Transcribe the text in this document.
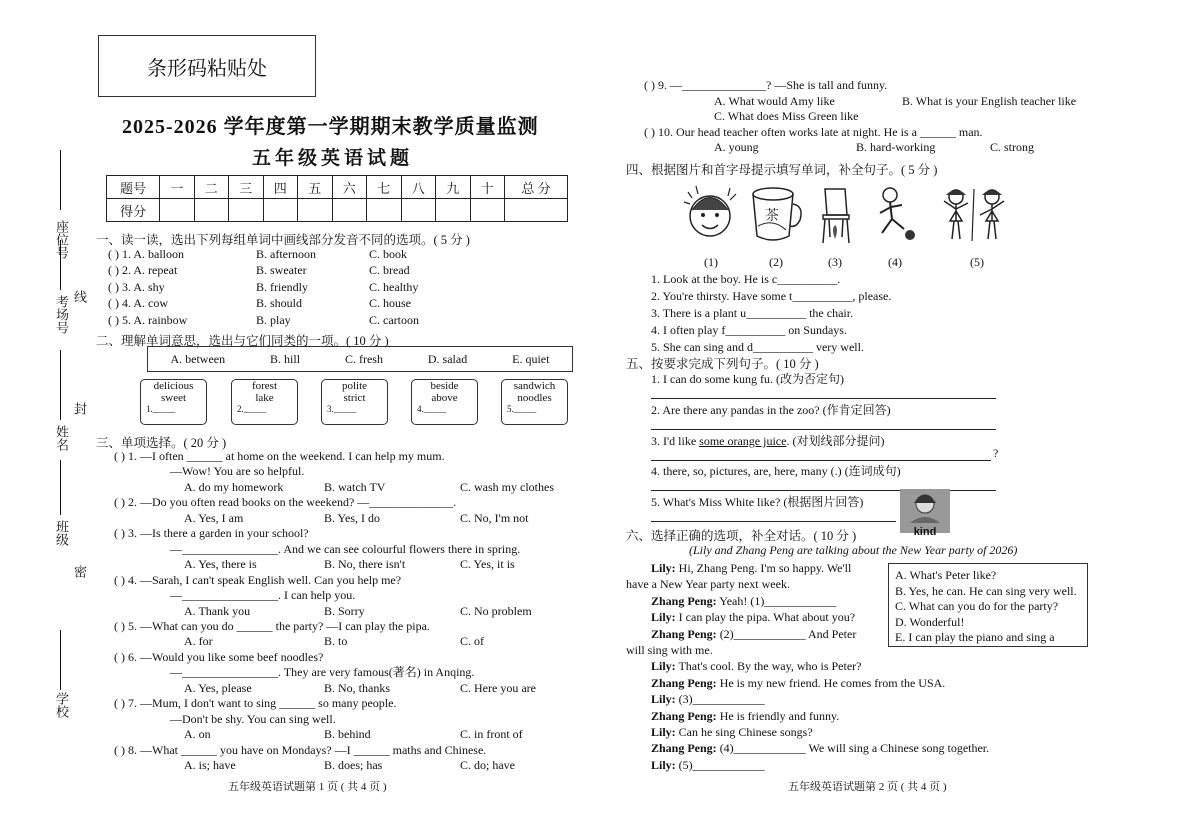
座位号
线
考场号
封
姓名
班级
密
学校
条形码粘贴处
2025-2026 学年度第一学期期末教学质量监测
五年级英语试题
题号	一	二	三	四	五	六	七	八	九	十	总 分
得分											
一、读一读，选出下列每组单词中画线部分发音不同的选项。( 5 分 )
( ) 1. A. balloon	B. afternoon	C. book
( ) 2. A. repeat	B. sweater	C. bread
( ) 3. A. shy	B. friendly	C. healthy
( ) 4. A. cow	B. should	C. house
( ) 5. A. rainbow	B. play	C. cartoon
二、理解单词意思，选出与它们同类的一项。( 10 分 )
A. between	B. hill	C. fresh	D. salad	E. quiet
delicious
sweet
1._____
forest
lake
2._____
polite
strict
3._____
beside
above
4._____
sandwich
noodles
5._____
三、单项选择。( 20 分 )
( ) 1. —I often ______ at home on the weekend. I can help my mum.
—Wow! You are so helpful.
A. do my homework	B. watch TV	C. wash my clothes
( ) 2. —Do you often read books on the weekend? —______________.
A. Yes, I am	B. Yes, I do	C. No, I'm not
( ) 3. —Is there a garden in your school?
—________________. And we can see colourful flowers there in spring.
A. Yes, there is	B. No, there isn't	C. Yes, it is
( ) 4. —Sarah, I can't speak English well. Can you help me?
—________________. I can help you.
A. Thank you	B. Sorry	C. No problem
( ) 5. —What can you do ______ the party? —I can play the pipa.
A. for	B. to	C. of
( ) 6. —Would you like some beef noodles?
—________________. They are very famous(著名) in Anqing.
A. Yes, please	B. No, thanks	C. Here you are
( ) 7. —Mum, I don't want to sing ______ so many people.
—Don't be shy. You can sing well.
A. on	B. behind	C. in front of
( ) 8. —What ______ you have on Mondays? —I ______ maths and Chinese.
A. is; have	B. does; has	C. do; have
五年级英语试题第 1 页 ( 共 4 页 )
( ) 9. —______________? —She is tall and funny.
A. What would Amy like	B. What is your English teacher like
C. What does Miss Green like
( ) 10. Our head teacher often works late at night. He is a ______ man.
A. young	B. hard-working	C. strong
四、根据图片和首字母提示填写单词，补全句子。( 5 分 )
茶
(1)	(2)	(3)	(4)	(5)
1. Look at the boy. He is c__________.
2. You're thirsty. Have some t__________, please.
3. There is a plant u__________ the chair.
4. I often play f__________ on Sundays.
5. She can sing and d__________ very well.
五、按要求完成下列句子。( 10 分 )
1. I can do some kung fu. (改为否定句)
2. Are there any pandas in the zoo? (作肯定回答)
3. I'd like some orange juice. (对划线部分提问)
?
4. there, so, pictures, are, here, many (.) (连词成句)
5. What's Miss White like? (根据图片回答)
kind
六、选择正确的选项，补全对话。( 10 分 )
(Lily and Zhang Peng are talking about the New Year party of 2026)
A. What's Peter like?
B. Yes, he can. He can sing very well.
C. What can you do for the party?
D. Wonderful!
E. I can play the piano and sing a
Lily: Hi, Zhang Peng. I'm so happy. We'll
have a New Year party next week.
Zhang Peng: Yeah! (1)____________
Lily: I can play the pipa. What about you?
Zhang Peng: (2)____________ And Peter
will sing with me.
Lily: That's cool. By the way, who is Peter?
Zhang Peng: He is my new friend. He comes from the USA.
Lily: (3)____________
Zhang Peng: He is friendly and funny.
Lily: Can he sing Chinese songs?
Zhang Peng: (4)____________ We will sing a Chinese song together.
Lily: (5)____________
五年级英语试题第 2 页 ( 共 4 页 )
